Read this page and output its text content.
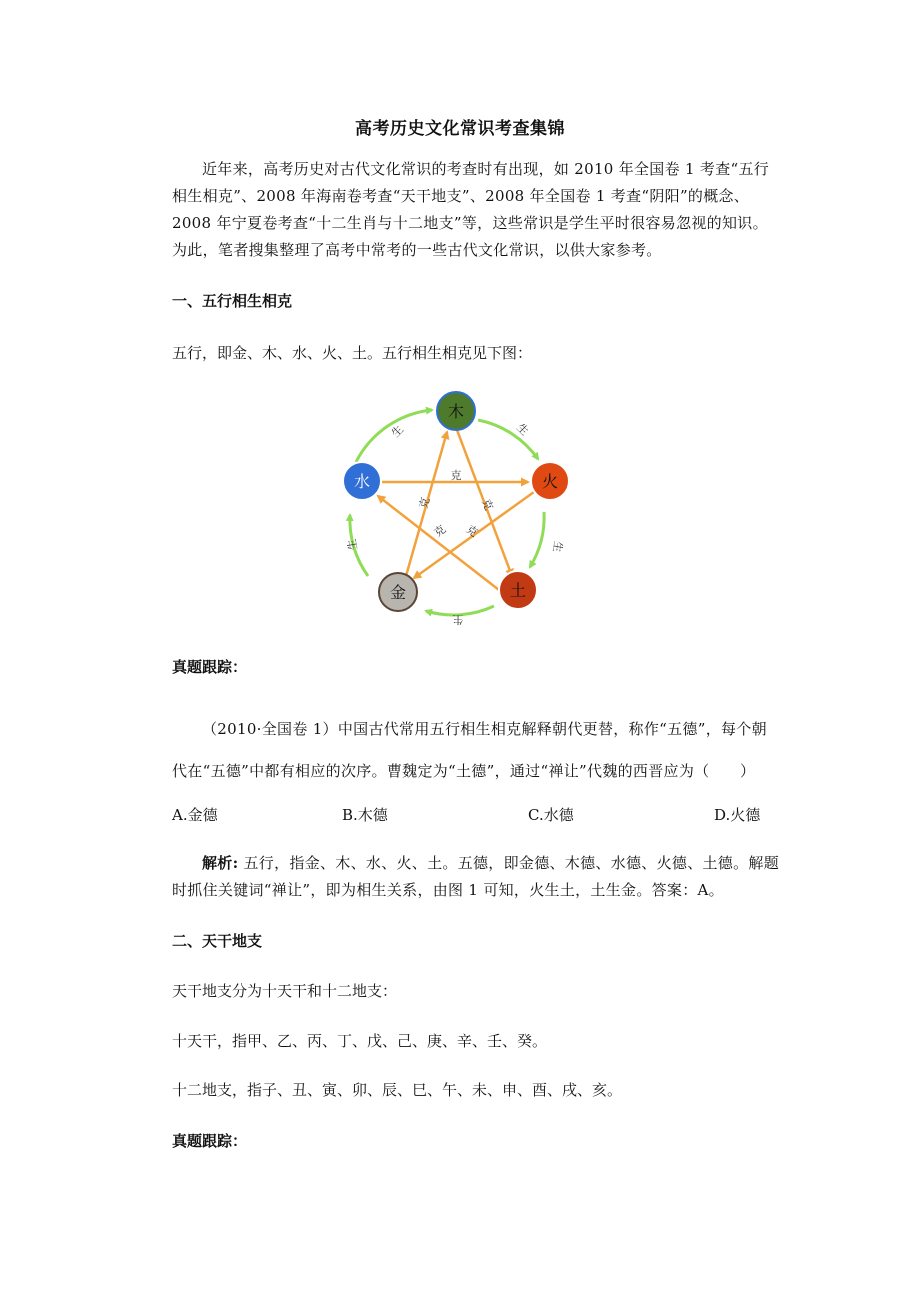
高考历史文化常识考查集锦
近年来，高考历史对古代文化常识的考查时有出现，如 2010 年全国卷 1 考查“五行相生相克”、2008 年海南卷考查“天干地支”、2008 年全国卷 1 考查“阴阳”的概念、2008 年宁夏卷考查“十二生肖与十二地支”等，这些常识是学生平时很容易忽视的知识。为此，笔者搜集整理了高考中常考的一些古代文化常识，以供大家参考。
一、五行相生相克
五行，即金、木、水、火、土。五行相生相克见下图：
生	生
生
生
生
克
克
克
克 克
木
火
土
金
水
真题跟踪：
（2010·全国卷 1）中国古代常用五行相生相克解释朝代更替，称作“五德”，每个朝代在“五德”中都有相应的次序。曹魏定为“土德”，通过“禅让”代魏的西晋应为（　　）
A.金德	B.木德	C.水德	D.火德
解析: 五行，指金、木、水、火、土。五德，即金德、木德、水德、火德、土德。解题时抓住关键词“禅让”，即为相生关系，由图 1 可知，火生土，土生金。答案：A。
二、天干地支
天干地支分为十天干和十二地支：
十天干，指甲、乙、丙、丁、戊、己、庚、辛、壬、癸。
十二地支，指子、丑、寅、卯、辰、巳、午、未、申、酉、戌、亥。
真题跟踪：
